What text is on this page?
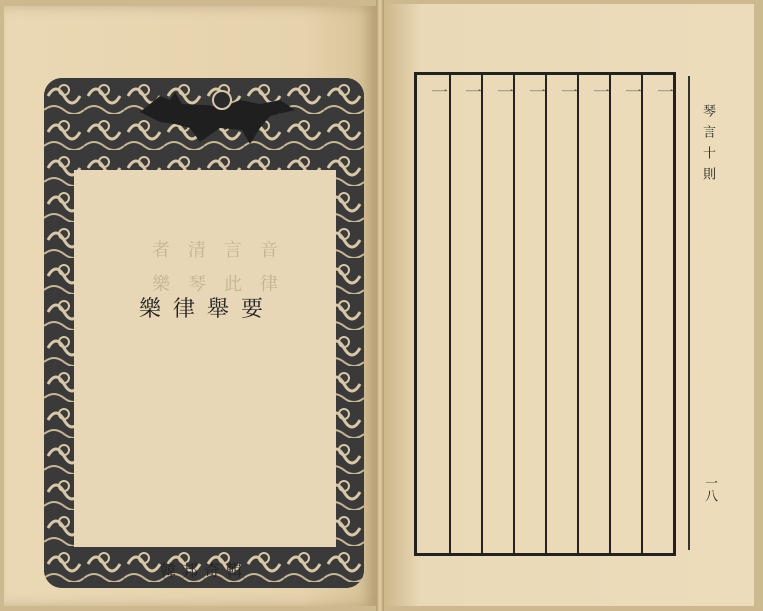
音律
言此
清琴
者樂
樂律舉要
韓邦奇輯
一 一 一 一 一 一 一 一
琴言十則
一八
